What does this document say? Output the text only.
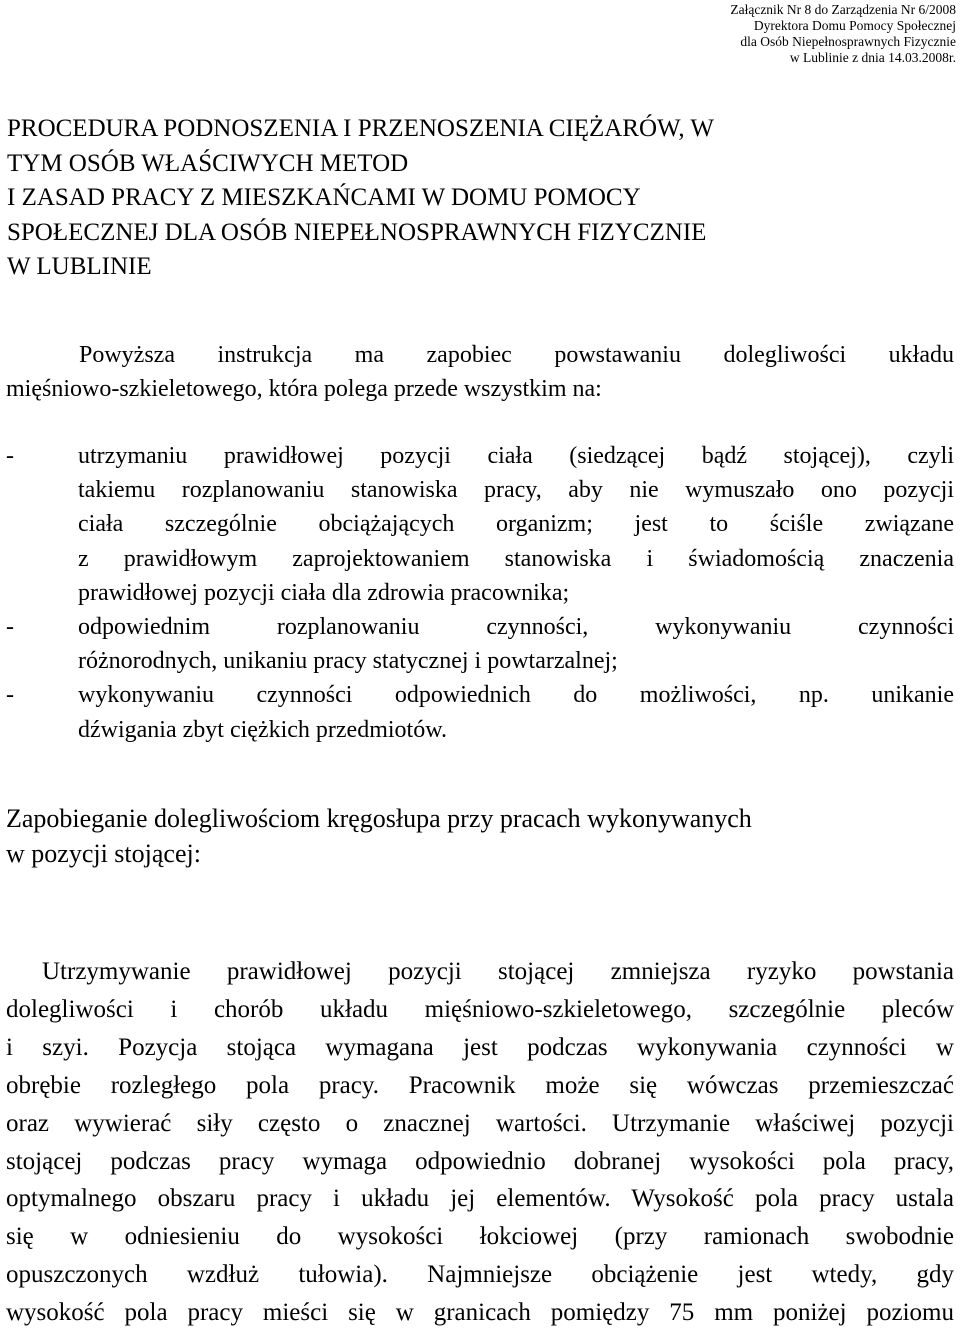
Załącznik Nr 8 do Zarządzenia Nr 6/2008
Dyrektora Domu Pomocy Społecznej
dla Osób Niepełnosprawnych Fizycznie
w Lublinie z dnia 14.03.2008r.
PROCEDURA PODNOSZENIA I PRZENOSZENIA CIĘŻARÓW, W
TYM OSÓB WŁAŚCIWYCH METOD
I ZASAD PRACY Z MIESZKAŃCAMI W DOMU POMOCY
SPOŁECZNEJ DLA OSÓB NIEPEŁNOSPRAWNYCH FIZYCZNIE
W LUBLINIE
Powyższa instrukcja ma zapobiec powstawaniu dolegliwości układu
mięśniowo-szkieletowego, która polega przede wszystkim na:
-	utrzymaniu prawidłowej pozycji ciała (siedzącej bądź stojącej), czyli
takiemu rozplanowaniu stanowiska pracy, aby nie wymuszało ono pozycji
ciała szczególnie obciążających organizm; jest to ściśle związane
z prawidłowym zaprojektowaniem stanowiska i świadomością znaczenia
prawidłowej pozycji ciała dla zdrowia pracownika;
-	odpowiednim rozplanowaniu czynności, wykonywaniu czynności
różnorodnych, unikaniu pracy statycznej i powtarzalnej;
-	wykonywaniu czynności odpowiednich do możliwości, np. unikanie
dźwigania zbyt ciężkich przedmiotów.
Zapobieganie dolegliwościom kręgosłupa przy pracach wykonywanych
w pozycji stojącej:
Utrzymywanie prawidłowej pozycji stojącej zmniejsza ryzyko powstania
dolegliwości i chorób układu mięśniowo-szkieletowego, szczególnie pleców
i szyi. Pozycja stojąca wymagana jest podczas wykonywania czynności w
obrębie rozległego pola pracy. Pracownik może się wówczas przemieszczać
oraz wywierać siły często o znacznej wartości. Utrzymanie właściwej pozycji
stojącej podczas pracy wymaga odpowiednio dobranej wysokości pola pracy,
optymalnego obszaru pracy i układu jej elementów. Wysokość pola pracy ustala
się w odniesieniu do wysokości łokciowej (przy ramionach swobodnie
opuszczonych wzdłuż tułowia). Najmniejsze obciążenie jest wtedy, gdy
wysokość pola pracy mieści się w granicach pomiędzy 75 mm poniżej poziomu
